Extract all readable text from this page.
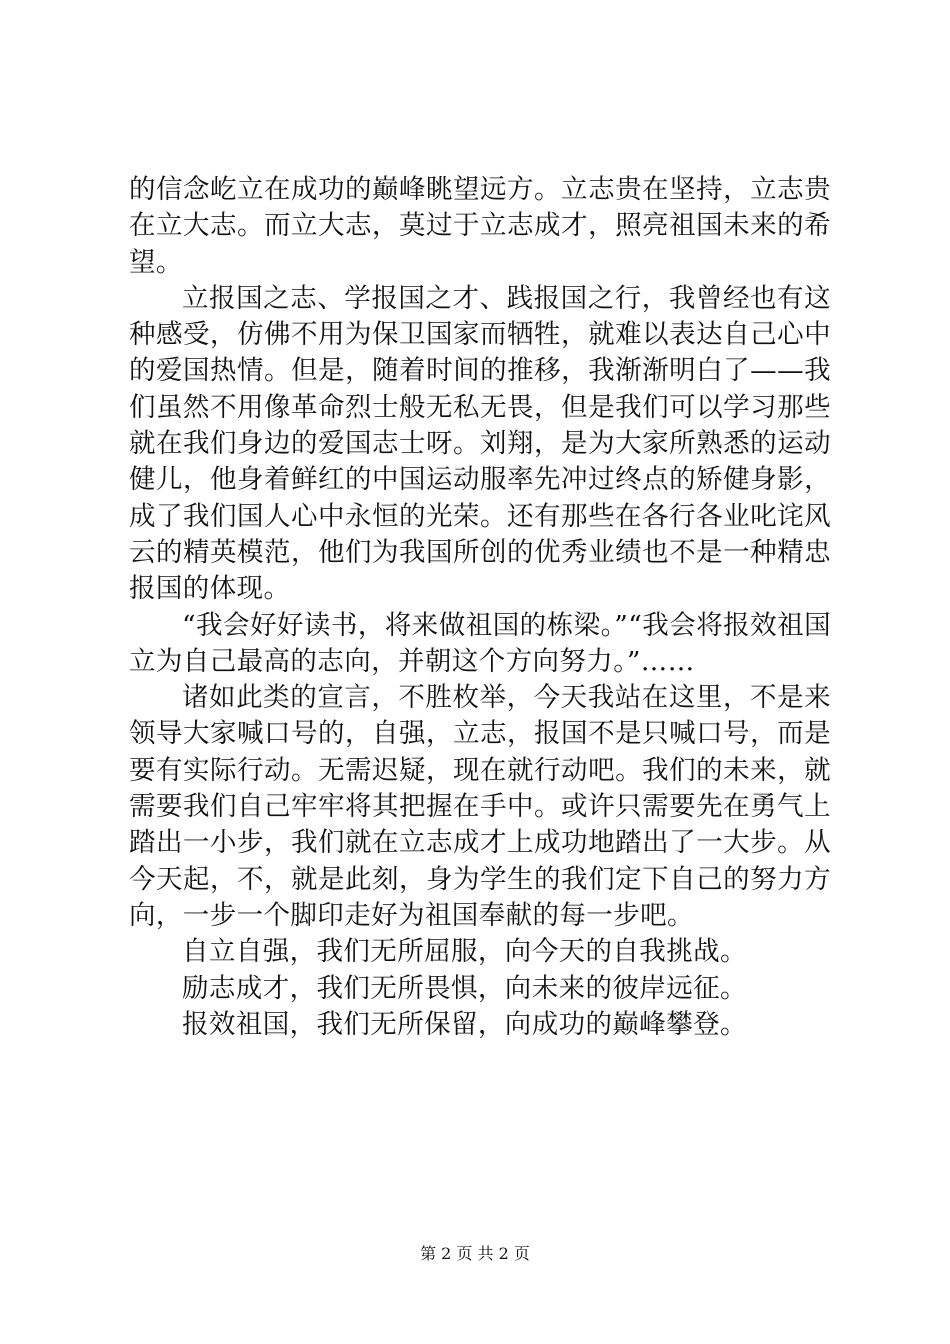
的信念屹立在成功的巅峰眺望远方。立志贵在坚持，立志贵在立大志。而立大志，莫过于立志成才，照亮祖国未来的希望。

立报国之志、学报国之才、践报国之行，我曾经也有这种感受，仿佛不用为保卫国家而牺牲，就难以表达自己心中的爱国热情。但是，随着时间的推移，我渐渐明白了——我们虽然不用像革命烈士般无私无畏，但是我们可以学习那些就在我们身边的爱国志士呀。刘翔，是为大家所熟悉的运动健儿，他身着鲜红的中国运动服率先冲过终点的矫健身影，成了我们国人心中永恒的光荣。还有那些在各行各业叱诧风云的精英模范，他们为我国所创的优秀业绩也不是一种精忠报国的体现。

“我会好好读书，将来做祖国的栋梁。”“我会将报效祖国立为自己最高的志向，并朝这个方向努力。”……

诸如此类的宣言，不胜枚举，今天我站在这里，不是来领导大家喊口号的，自强，立志，报国不是只喊口号，而是要有实际行动。无需迟疑，现在就行动吧。我们的未来，就需要我们自己牢牢将其把握在手中。或许只需要先在勇气上踏出一小步，我们就在立志成才上成功地踏出了一大步。从今天起，不，就是此刻，身为学生的我们定下自己的努力方向，一步一个脚印走好为祖国奉献的每一步吧。

自立自强，我们无所屈服，向今天的自我挑战。

励志成才，我们无所畏惧，向未来的彼岸远征。

报效祖国，我们无所保留，向成功的巅峰攀登。

第 2 页 共 2 页
